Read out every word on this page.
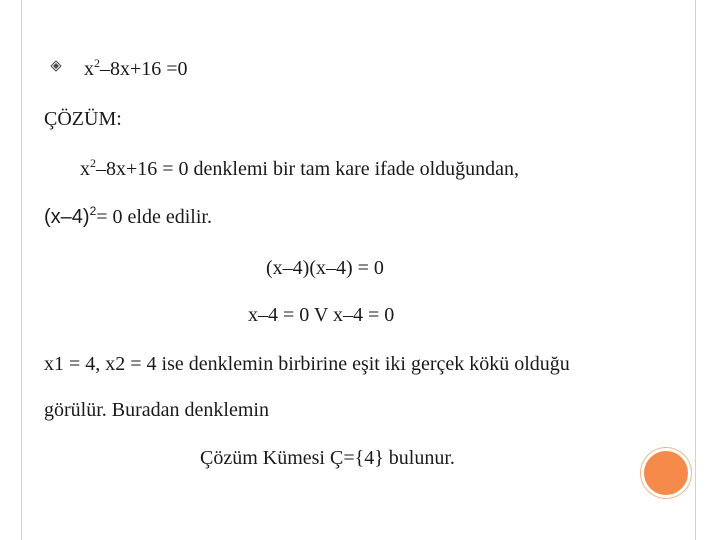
$x^2-8x+16 =0$
ÇÖZÜM:
$x^2-8x+16 = 0$ denklemi bir tam kare ifade olduğundan,
$(x-4)^2= 0$ elde edilir.
(x–4)(x–4) = 0
x–4 = 0 V x–4 = 0
x1 = 4, x2 = 4 ise denklemin birbirine eşit iki gerçek kökü olduğu
görülür. Buradan denklemin
Çözüm Kümesi Ç={4} bulunur.
